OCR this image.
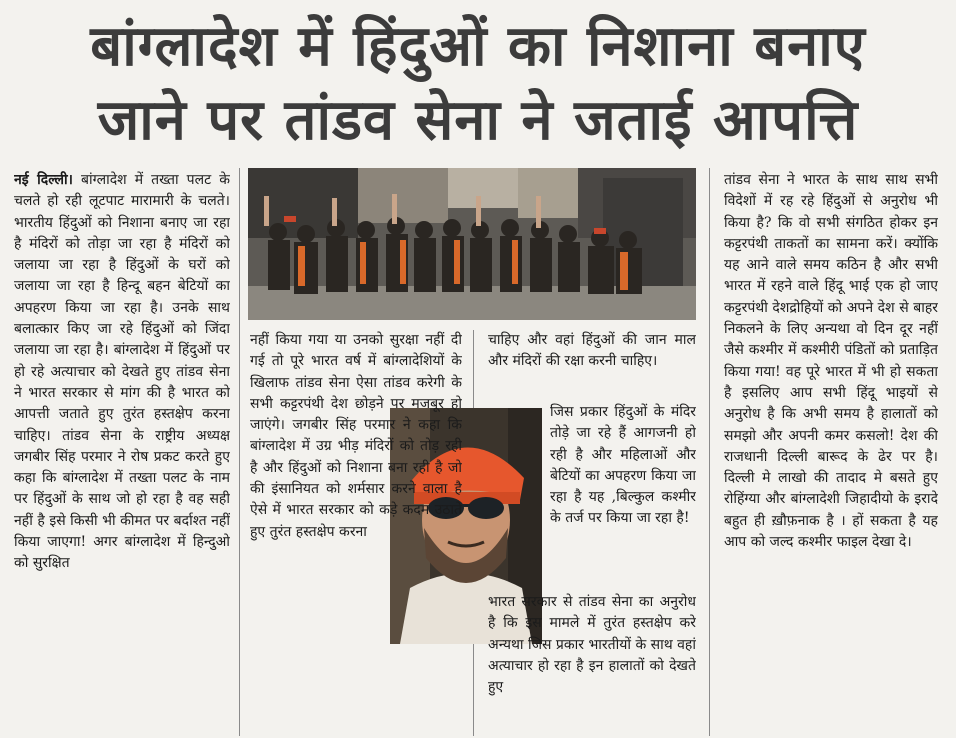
बांग्लादेश में हिंदुओं का निशाना बनाए
जाने पर तांडव सेना ने जताई आपत्ति

नई दिल्ली। बांग्लादेश में तख्ता पलट के चलते हो रही लूटपाट मारामारी के चलते। भारतीय हिंदुओं को निशाना बनाए जा रहा है मंदिरों को तोड़ा जा रहा है मंदिरों को जलाया जा रहा है हिंदुओं के घरों को जलाया जा रहा है हिन्दू बहन बेटियों का अपहरण किया जा रहा है। उनके साथ बलात्कार किए जा रहे हिंदुओं को जिंदा जलाया जा रहा है। बांग्लादेश में हिंदुओं पर हो रहे अत्याचार को देखते हुए तांडव सेना ने भारत सरकार से मांग की है भारत को आपत्ती जताते हुए तुरंत हस्तक्षेप करना चाहिए। तांडव सेना के राष्ट्रीय अध्यक्ष जगबीर सिंह परमार ने रोष प्रकट करते हुए कहा कि बांग्लादेश में तख्ता पलट के नाम पर हिंदुओं के साथ जो हो रहा है वह सही नहीं है इसे किसी भी कीमत पर बर्दाश्त नहीं किया जाएगा! अगर बांग्लादेश में हिन्दुओ को सुरक्षित

नहीं किया गया या उनको सुरक्षा नहीं दी गई तो पूरे भारत वर्ष में बांग्लादेशियों के खिलाफ तांडव सेना ऐसा तांडव करेगी के सभी कट्टरपंथी देश छोड़ने पर मजबूर हो जाएंगे। जगबीर सिंह परमार ने कहा कि बांग्लादेश में उग्र भीड़ मंदिरों को तोड़ रही है और हिंदुओं को निशाना बना रही है जो की इंसानियत को शर्मसार करने वाला है ऐसे में भारत सरकार को कड़े कदम उठाते हुए तुरंत हस्तक्षेप करना

चाहिए और वहां हिंदुओं की जान माल और मंदिरों की रक्षा करनी चाहिए।

जिस प्रकार हिंदुओं के मंदिर तोड़े जा रहे हैं आगजनी हो रही है और महिलाओं और बेटियों का अपहरण किया जा रहा है यह ,बिल्कुल कश्मीर के तर्ज पर किया जा रहा है!

भारत सरकार से तांडव सेना का अनुरोध है कि इस मामले में तुरंत हस्तक्षेप करे अन्यथा जिस प्रकार भारतीयों के साथ वहां अत्याचार हो रहा है इन हालातों को देखते हुए

तांडव सेना ने भारत के साथ साथ सभी विदेशों में रह रहे हिंदुओं से अनुरोध भी किया है? कि वो सभी संगठित होकर इन कट्टरपंथी ताकतों का सामना करें। क्योंकि यह आने वाले समय कठिन है और सभी भारत में रहने वाले हिंदू भाई एक हो जाए कट्टरपंथी देशद्रोहियों को अपने देश से बाहर निकलने के लिए अन्यथा वो दिन दूर नहीं जैसे कश्मीर में कश्मीरी पंडितों को प्रताड़ित किया गया! वह पूरे भारत में भी हो सकता है इसलिए आप सभी हिंदू भाइयों से अनुरोध है कि अभी समय है हालातों को समझो और अपनी कमर कसलो! देश की राजधानी दिल्ली बारूद के ढेर पर है। दिल्ली मे लाखो की तादाद मे बसते हुए रोहिंग्या और बांग्लादेशी जिहादीयो के इरादे बहुत ही ख़ौफ़नाक है । हों सकता है यह आप को जल्द कश्मीर फाइल देखा दे।
